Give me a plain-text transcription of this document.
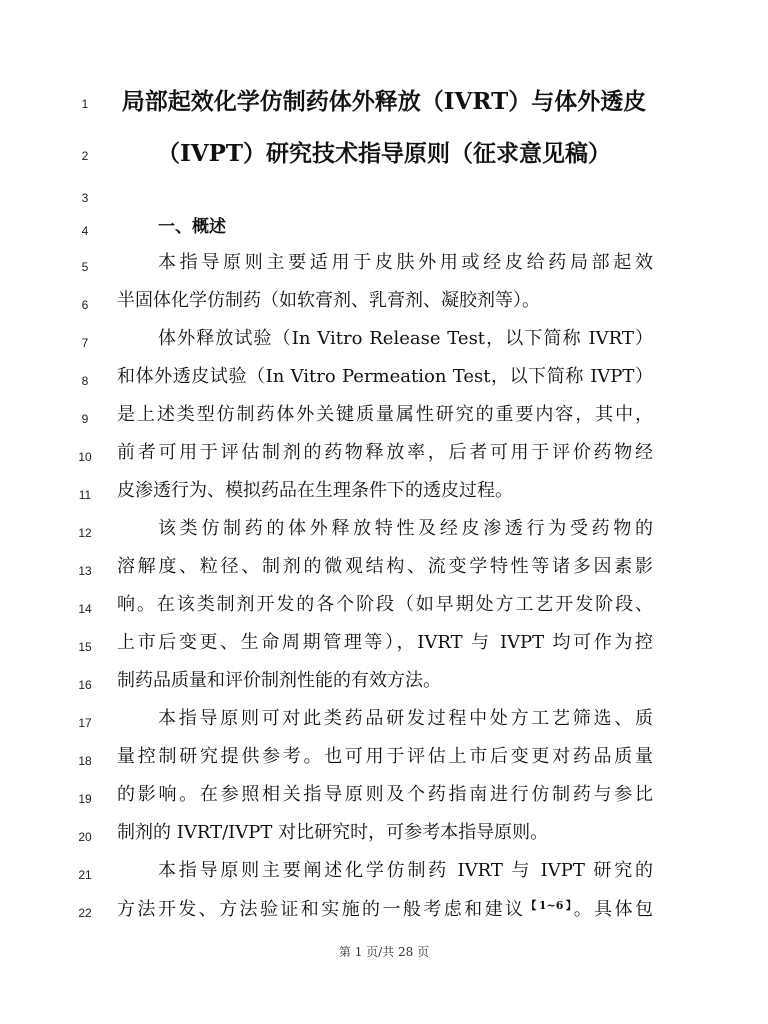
1
2
3
4
5
6
7
8
9
10
11
12
13
14
15
16
17
18
19
20
21
22
局部起效化学仿制药体外释放（IVRT）与体外透皮
（IVPT）研究技术指导原则（征求意见稿）
一、概述
本指导原则主要适用于皮肤外用或经皮给药局部起效
半固体化学仿制药（如软膏剂、乳膏剂、凝胶剂等）。
体外释放试验（In Vitro Release Test，以下简称 IVRT）
和体外透皮试验（In Vitro Permeation Test，以下简称 IVPT）
是上述类型仿制药体外关键质量属性研究的重要内容，其中，
前者可用于评估制剂的药物释放率，后者可用于评价药物经
皮渗透行为、模拟药品在生理条件下的透皮过程。
该类仿制药的体外释放特性及经皮渗透行为受药物的
溶解度、粒径、制剂的微观结构、流变学特性等诸多因素影
响。在该类制剂开发的各个阶段（如早期处方工艺开发阶段、
上市后变更、生命周期管理等），IVRT 与 IVPT 均可作为控
制药品质量和评价制剂性能的有效方法。
本指导原则可对此类药品研发过程中处方工艺筛选、质
量控制研究提供参考。也可用于评估上市后变更对药品质量
的影响。在参照相关指导原则及个药指南进行仿制药与参比
制剂的 IVRT/IVPT 对比研究时，可参考本指导原则。
本指导原则主要阐述化学仿制药 IVRT 与 IVPT 研究的
方法开发、方法验证和实施的一般考虑和建议$^{【1\sim 6】}$。具体包
第 1 页/共 28 页
